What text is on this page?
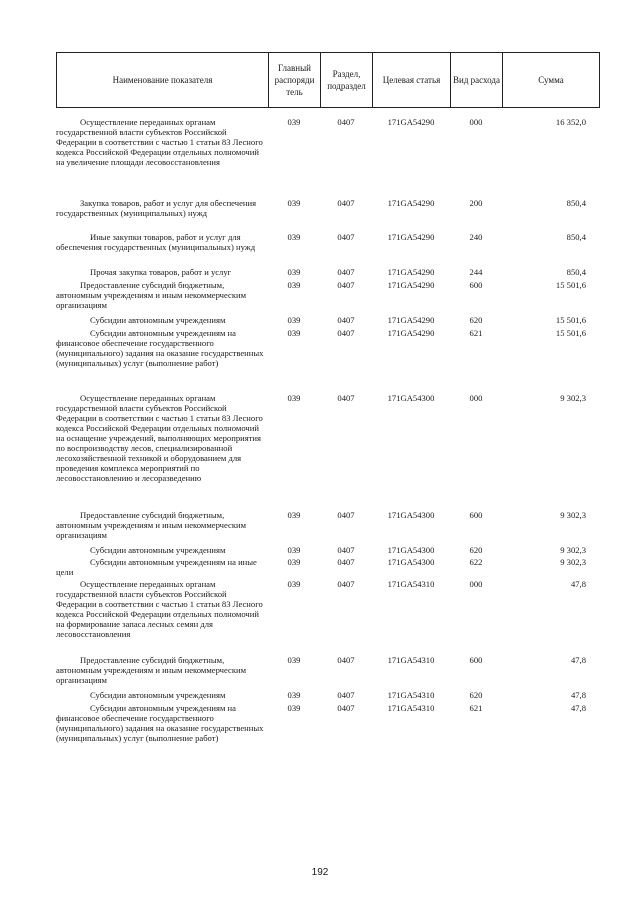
Наименование показателя	Главный распоряди тель	Раздел, подраздел	Целевая статья	Вид расхода	Сумма
Осуществление переданных органам государственной власти субъектов Российской Федерации в соответствии с частью 1 статьи 83 Лесного кодекса Российской Федерации отдельных полномочий на увеличение площади лесовосстановления
039	0407	171GA54290	000	16 352,0
Закупка товаров, работ и услуг для обеспечения государственных (муниципальных) нужд
039	0407	171GA54290	200	850,4
Иные закупки товаров, работ и услуг для обеспечения государственных (муниципальных) нужд
039	0407	171GA54290	240	850,4
Прочая закупка товаров, работ и услуг	039	0407	171GA54290	244	850,4
Предоставление субсидий бюджетным, автономным учреждениям и иным некоммерческим организациям
039	0407	171GA54290	600	15 501,6
Субсидии автономным учреждениям	039	0407	171GA54290	620	15 501,6
Субсидии автономным учреждениям на финансовое обеспечение государственного (муниципального) задания на оказание государственных (муниципальных) услуг (выполнение работ)
039	0407	171GA54290	621	15 501,6
Осуществление переданных органам государственной власти субъектов Российской Федерации в соответствии с частью 1 статьи 83 Лесного кодекса Российской Федерации отдельных полномочий на оснащение учреждений, выполняющих мероприятия по воспроизводству лесов, специализированной лесохозяйственной техникой и оборудованием для проведения комплекса мероприятий по лесовосстановлению и лесоразведению
039	0407	171GA54300	000	9 302,3
Предоставление субсидий бюджетным, автономным учреждениям и иным некоммерческим организациям
039	0407	171GA54300	600	9 302,3
Субсидии автономным учреждениям	039	0407	171GA54300	620	9 302,3
Субсидии автономным учреждениям на иные цели
039	0407	171GA54300	622	9 302,3
Осуществление переданных органам государственной власти субъектов Российской Федерации в соответствии с частью 1 статьи 83 Лесного кодекса Российской Федерации отдельных полномочий на формирование запаса лесных семян для лесовосстановления
039	0407	171GA54310	000	47,8
Предоставление субсидий бюджетным, автономным учреждениям и иным некоммерческим организациям
039	0407	171GA54310	600	47,8
Субсидии автономным учреждениям	039	0407	171GA54310	620	47,8
Субсидии автономным учреждениям на финансовое обеспечение государственного (муниципального) задания на оказание государственных (муниципальных) услуг (выполнение работ)
039	0407	171GA54310	621	47,8
192
